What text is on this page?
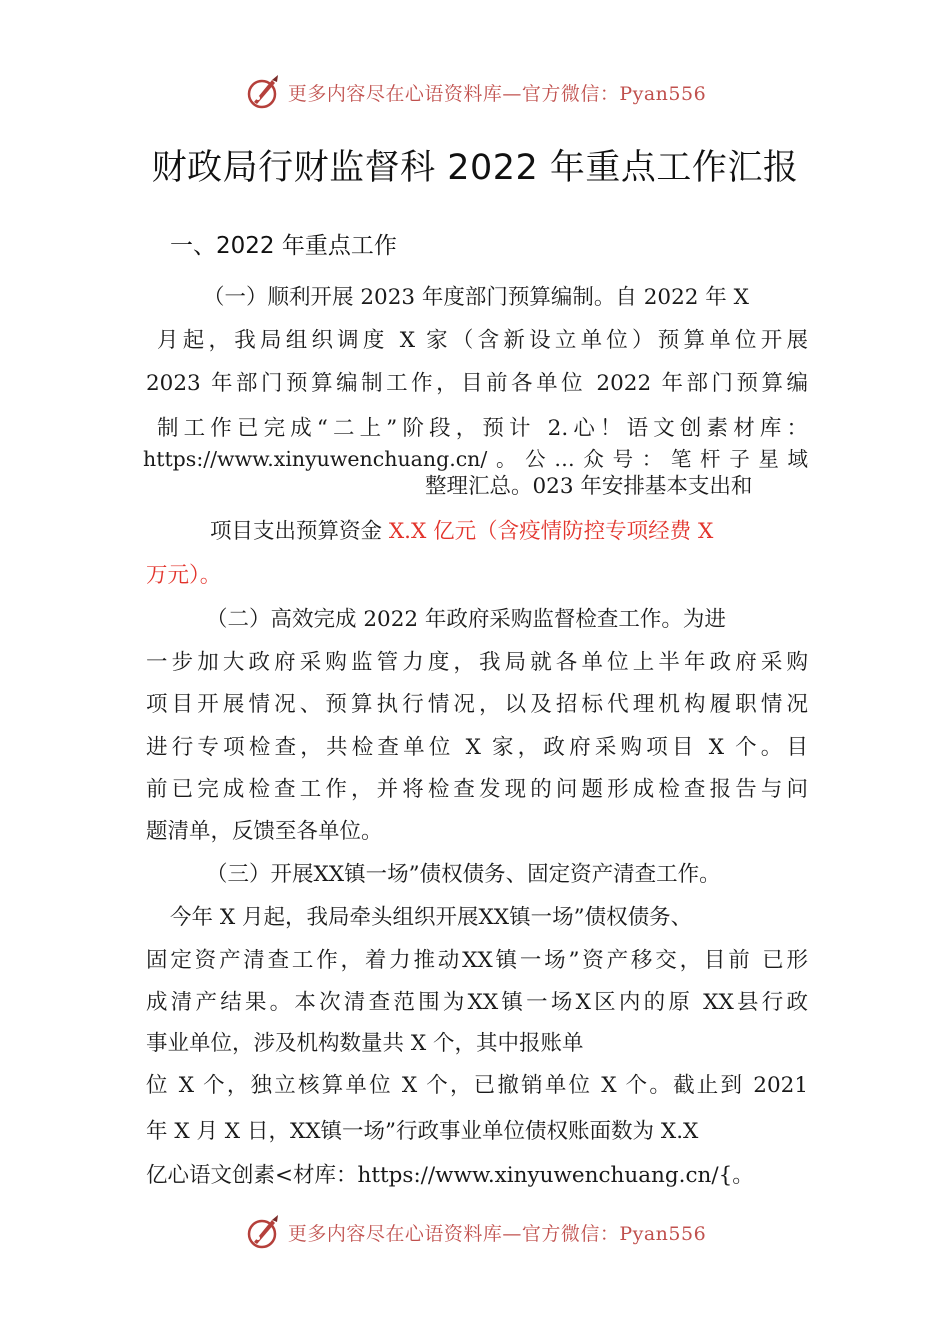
更多内容尽在心语资料库—官方微信：Pyan556
财政局行财监督科 2022 年重点工作汇报
一、2022 年重点工作
（一）顺利开展 2023 年度部门预算编制。自 2022 年 X
月起，我局组织调度 X 家（含新设立单位）预算单位开展
2023 年部门预算编制工作，目前各单位 2022 年部门预算编
制工作已完成“二上”阶段，预计 2.心！语文创素材库：
https://www.xinyuwenchuang.cn/。公…众号：笔杆子星域
整理汇总。023 年安排基本支出和
项目支出预算资金 X.X 亿元（含疫情防控专项经费 X
万元）。
（二）高效完成 2022 年政府采购监督检查工作。为进
一步加大政府采购监管力度，我局就各单位上半年政府采购
项目开展情况、预算执行情况，以及招标代理机构履职情况
进行专项检查，共检查单位 X 家，政府采购项目 X 个。目
前已完成检查工作，并将检查发现的问题形成检查报告与问
题清单，反馈至各单位。
（三）开展XX镇一场”债权债务、固定资产清查工作。
今年 X 月起，我局牵头组织开展XX镇一场”债权债务、
固定资产清查工作，着力推动XX镇一场”资产移交，目前 已形
成清产结果。本次清查范围为XX镇一场X区内的原 XX县行政
事业单位，涉及机构数量共 X 个，其中报账单
位 X 个，独立核算单位 X 个，已撤销单位 X 个。截止到 2021
年 X 月 X 日，XX镇一场”行政事业单位债权账面数为 X.X
亿心语文创素<材库：https://www.xinyuwenchuang.cn/{。
更多内容尽在心语资料库—官方微信：Pyan556
